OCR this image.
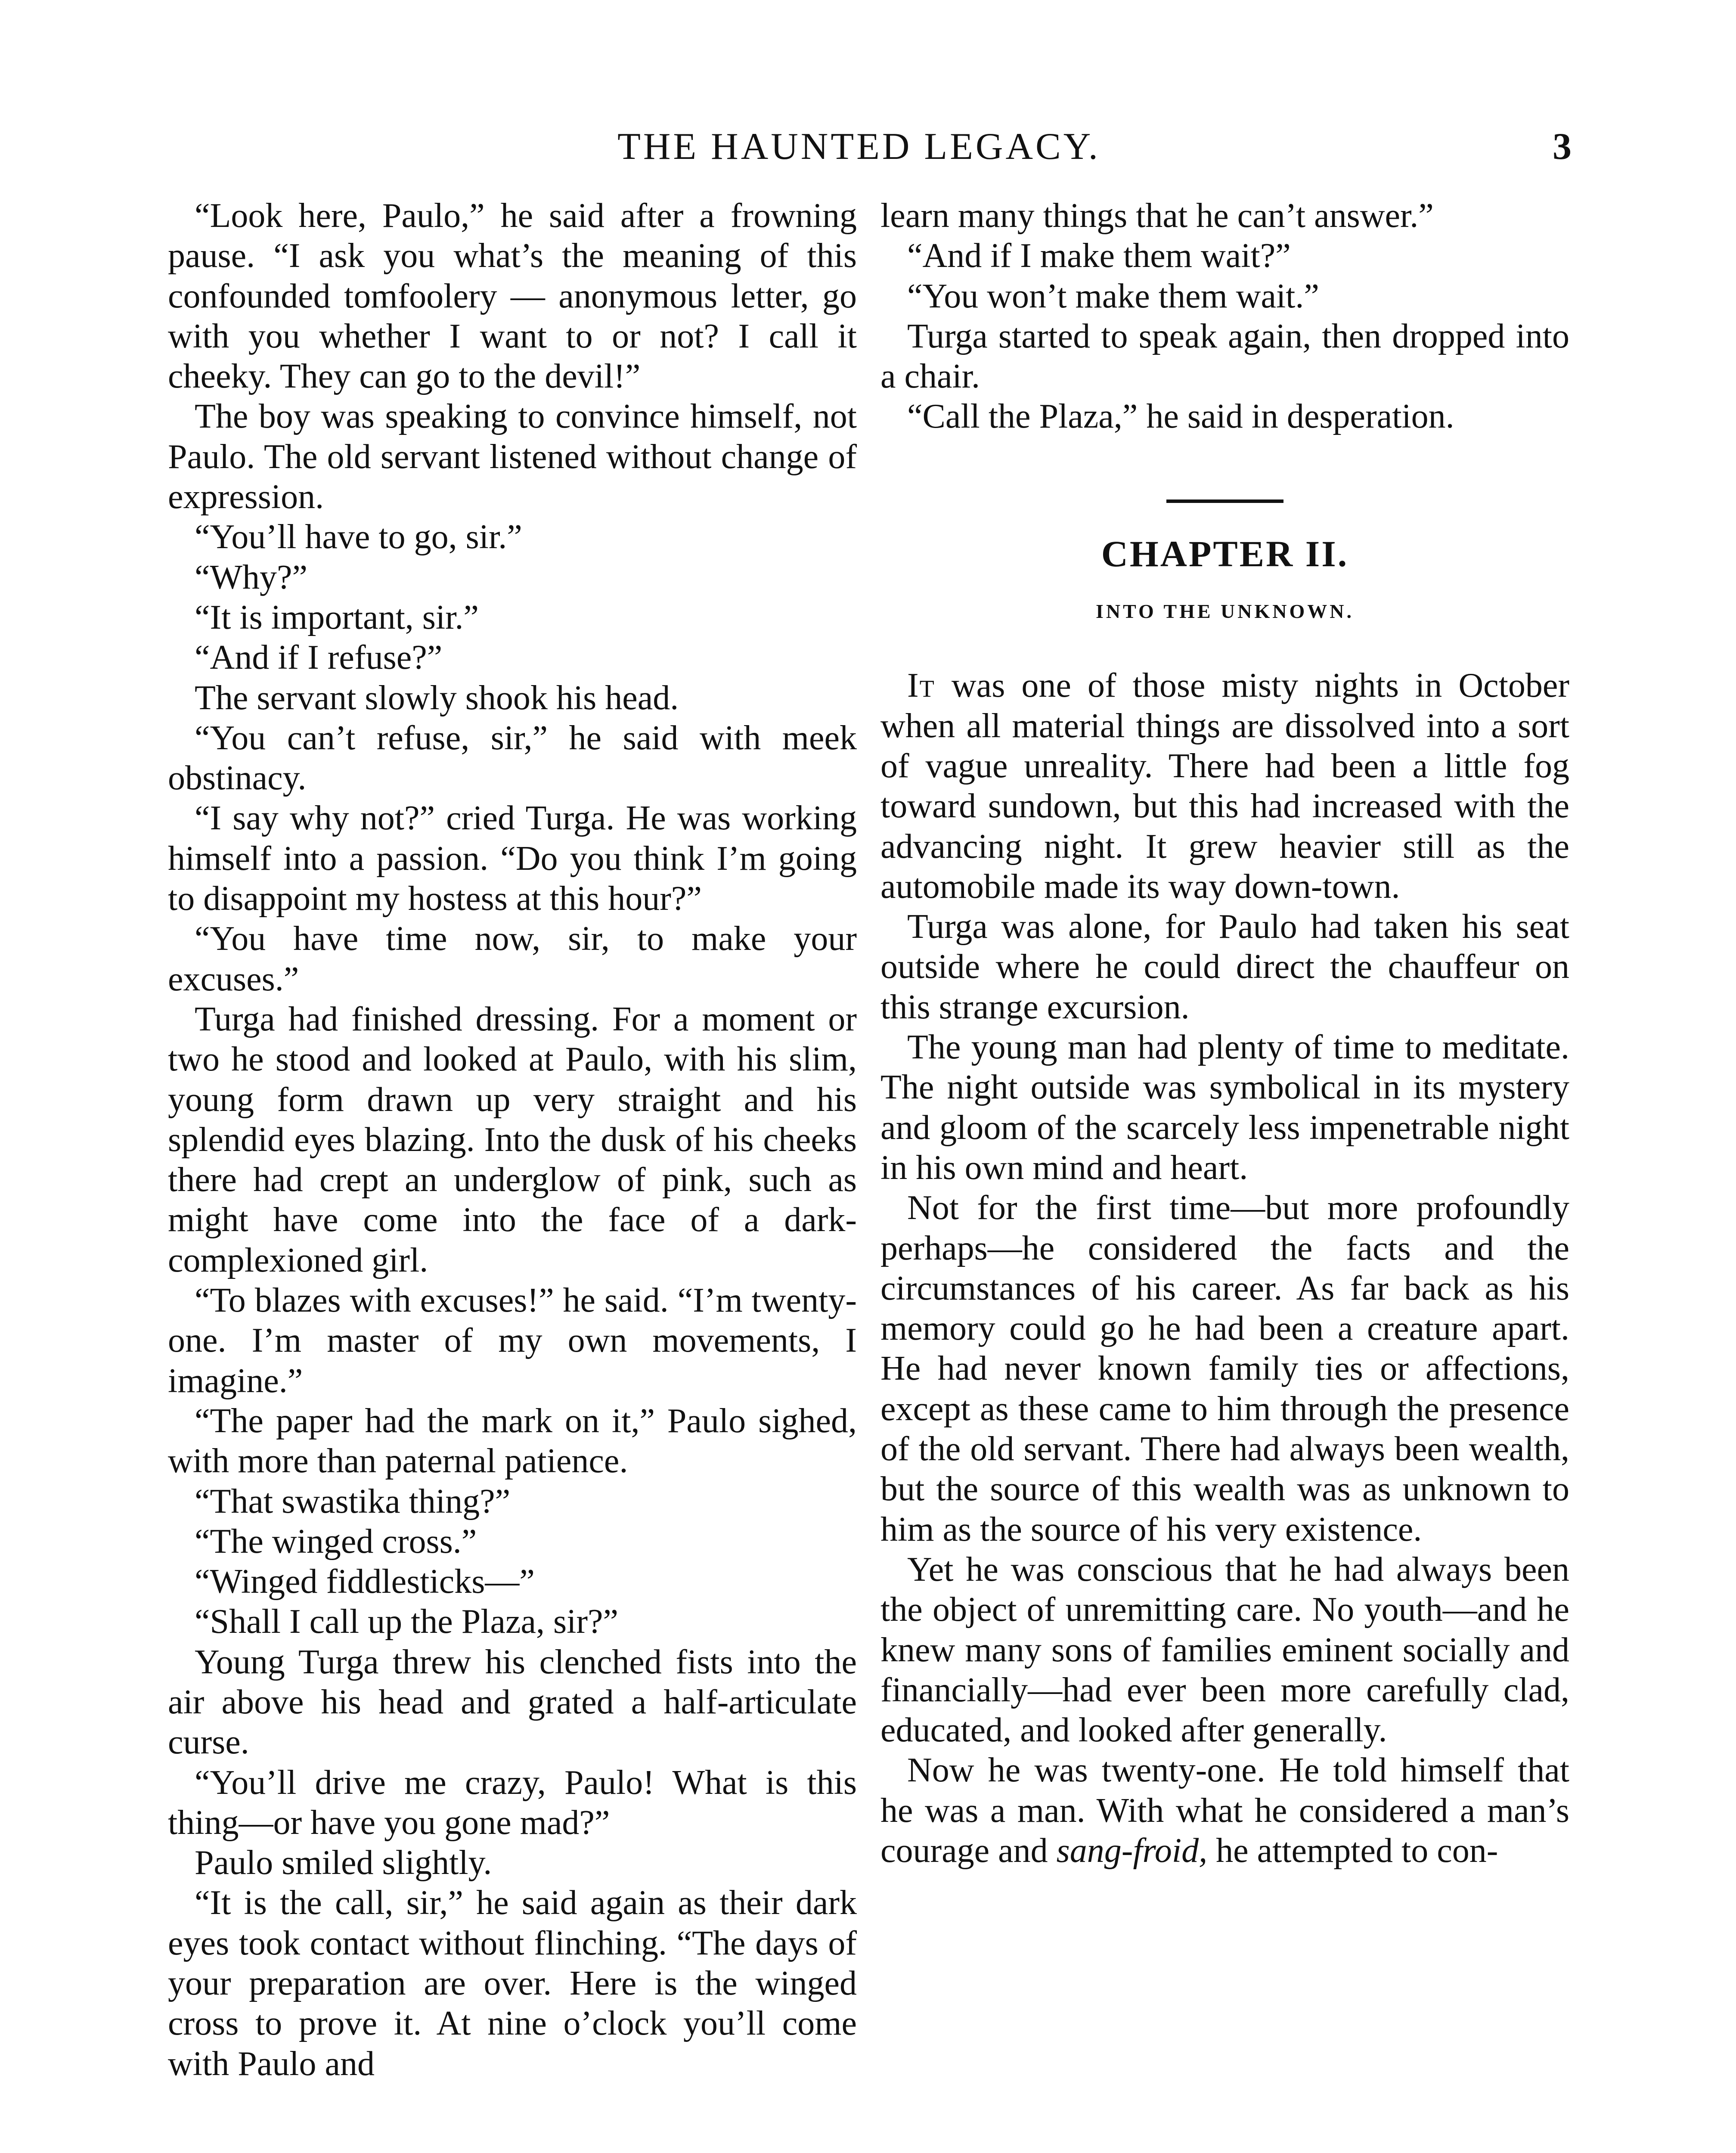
THE HAUNTED LEGACY.	3

“Look here, Paulo,” he said after a frowning pause. “I ask you what’s the meaning of this confounded tomfoolery — anonymous letter, go with you whether I want to or not? I call it cheeky. They can go to the devil!”

The boy was speaking to convince himself, not Paulo. The old servant listened without change of expression.

“You’ll have to go, sir.”

“Why?”

“It is important, sir.”

“And if I refuse?”

The servant slowly shook his head.

“You can’t refuse, sir,” he said with meek obstinacy.

“I say why not?” cried Turga. He was working himself into a passion. “Do you think I’m going to disappoint my hostess at this hour?”

“You have time now, sir, to make your excuses.”

Turga had finished dressing. For a moment or two he stood and looked at Paulo, with his slim, young form drawn up very straight and his splendid eyes blazing. Into the dusk of his cheeks there had crept an underglow of pink, such as might have come into the face of a dark-complexioned girl.

“To blazes with excuses!” he said. “I’m twenty-one. I’m master of my own movements, I imagine.”

“The paper had the mark on it,” Paulo sighed, with more than paternal patience.

“That swastika thing?”

“The winged cross.”

“Winged fiddlesticks—”

“Shall I call up the Plaza, sir?”

Young Turga threw his clenched fists into the air above his head and grated a half-articulate curse.

“You’ll drive me crazy, Paulo! What is this thing—or have you gone mad?”

Paulo smiled slightly.

“It is the call, sir,” he said again as their dark eyes took contact without flinching. “The days of your preparation are over. Here is the winged cross to prove it. At nine o’clock you’ll come with Paulo and

learn many things that he can’t answer.”

“And if I make them wait?”

“You won’t make them wait.”

Turga started to speak again, then dropped into a chair.

“Call the Plaza,” he said in desperation.

CHAPTER II.
INTO THE UNKNOWN.

It was one of those misty nights in October when all material things are dissolved into a sort of vague unreality. There had been a little fog toward sundown, but this had increased with the advancing night. It grew heavier still as the automobile made its way down-town.

Turga was alone, for Paulo had taken his seat outside where he could direct the chauffeur on this strange excursion.

The young man had plenty of time to meditate. The night outside was symbolical in its mystery and gloom of the scarcely less impenetrable night in his own mind and heart.

Not for the first time—but more profoundly perhaps—he considered the facts and the circumstances of his career. As far back as his memory could go he had been a creature apart. He had never known family ties or affections, except as these came to him through the presence of the old servant. There had always been wealth, but the source of this wealth was as unknown to him as the source of his very existence.

Yet he was conscious that he had always been the object of unremitting care. No youth—and he knew many sons of families eminent socially and financially—had ever been more carefully clad, educated, and looked after generally.

Now he was twenty-one. He told himself that he was a man. With what he considered a man’s courage and sang-froid, he attempted to con-
